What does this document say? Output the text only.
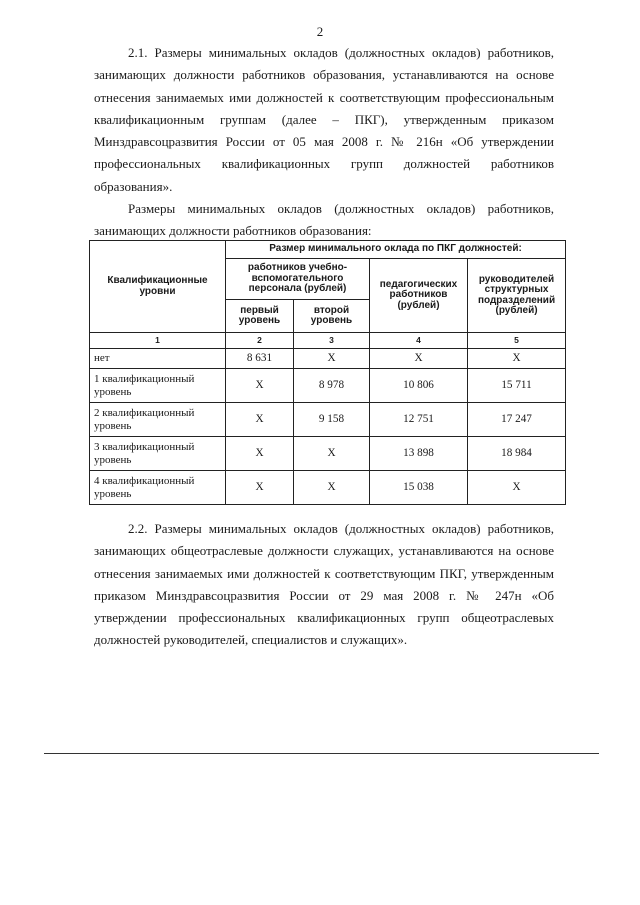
2

2.1. Размеры минимальных окладов (должностных окладов) работников, занимающих должности работников образования, устанавливаются на основе отнесения занимаемых ими должностей к соответствующим профессиональным квалификационным группам (далее – ПКГ), утвержденным приказом Минздравсоцразвития России от 05 мая 2008 г. № 216н «Об утверждении профессиональных квалификационных групп должностей работников образования».

Размеры минимальных окладов (должностных окладов) работников, занимающих должности работников образования:

Квалификационные уровни	Размер минимального оклада по ПКГ должностей:			
	работников учебно-вспомогательного персонала (рублей)		педагогических работников (рублей)	руководителей структурных подразделений (рублей)
	первый уровень	второй уровень		
1	2	3	4	5
нет	8 631	Х	Х	Х
1 квалификационный уровень	Х	8 978	10 806	15 711
2 квалификационный уровень	Х	9 158	12 751	17 247
3 квалификационный уровень	Х	Х	13 898	18 984
4 квалификационный уровень	Х	Х	15 038	Х

2.2. Размеры минимальных окладов (должностных окладов) работников, занимающих общеотраслевые должности служащих, устанавливаются на основе отнесения занимаемых ими должностей к соответствующим ПКГ, утвержденным приказом Минздравсоцразвития России от 29 мая 2008 г. № 247н «Об утверждении профессиональных квалификационных групп общеотраслевых должностей руководителей, специалистов и служащих».
